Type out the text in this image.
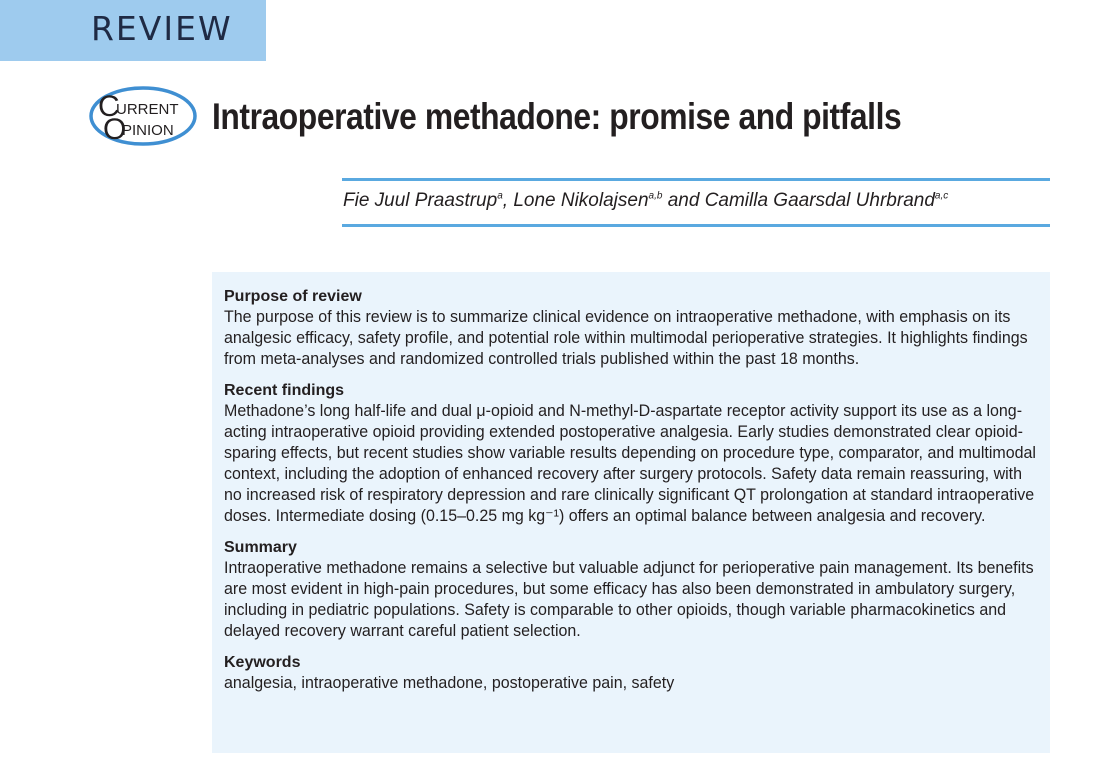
REVIEW
C
URRENT
O
PINION Intraoperative methadone: promise and pitfalls
Fie Juul Praastrup$^a$, Lone Nikolajsen$^{a,b}$ and Camilla Gaarsdal Uhrbrand$^{a,c}$
Purpose of review

The purpose of this review is to summarize clinical evidence on intraoperative methadone, with emphasis on its analgesic efficacy, safety profile, and potential role within multimodal perioperative strategies. It highlights findings from meta-analyses and randomized controlled trials published within the past 18 months.

Recent findings

Methadone’s long half-life and dual μ-opioid and N-methyl-D-aspartate receptor activity support its use as a long-acting intraoperative opioid providing extended postoperative analgesia. Early studies demonstrated clear opioid-sparing effects, but recent studies show variable results depending on procedure type, comparator, and multimodal context, including the adoption of enhanced recovery after surgery protocols. Safety data remain reassuring, with no increased risk of respiratory depression and rare clinically significant QT prolongation at standard intraoperative doses. Intermediate dosing (0.15–0.25 mg kg⁻¹) offers an optimal balance between analgesia and recovery.

Summary

Intraoperative methadone remains a selective but valuable adjunct for perioperative pain management. Its benefits are most evident in high-pain procedures, but some efficacy has also been demonstrated in ambulatory surgery, including in pediatric populations. Safety is comparable to other opioids, though variable pharmacokinetics and delayed recovery warrant careful patient selection.

Keywords

analgesia, intraoperative methadone, postoperative pain, safety
